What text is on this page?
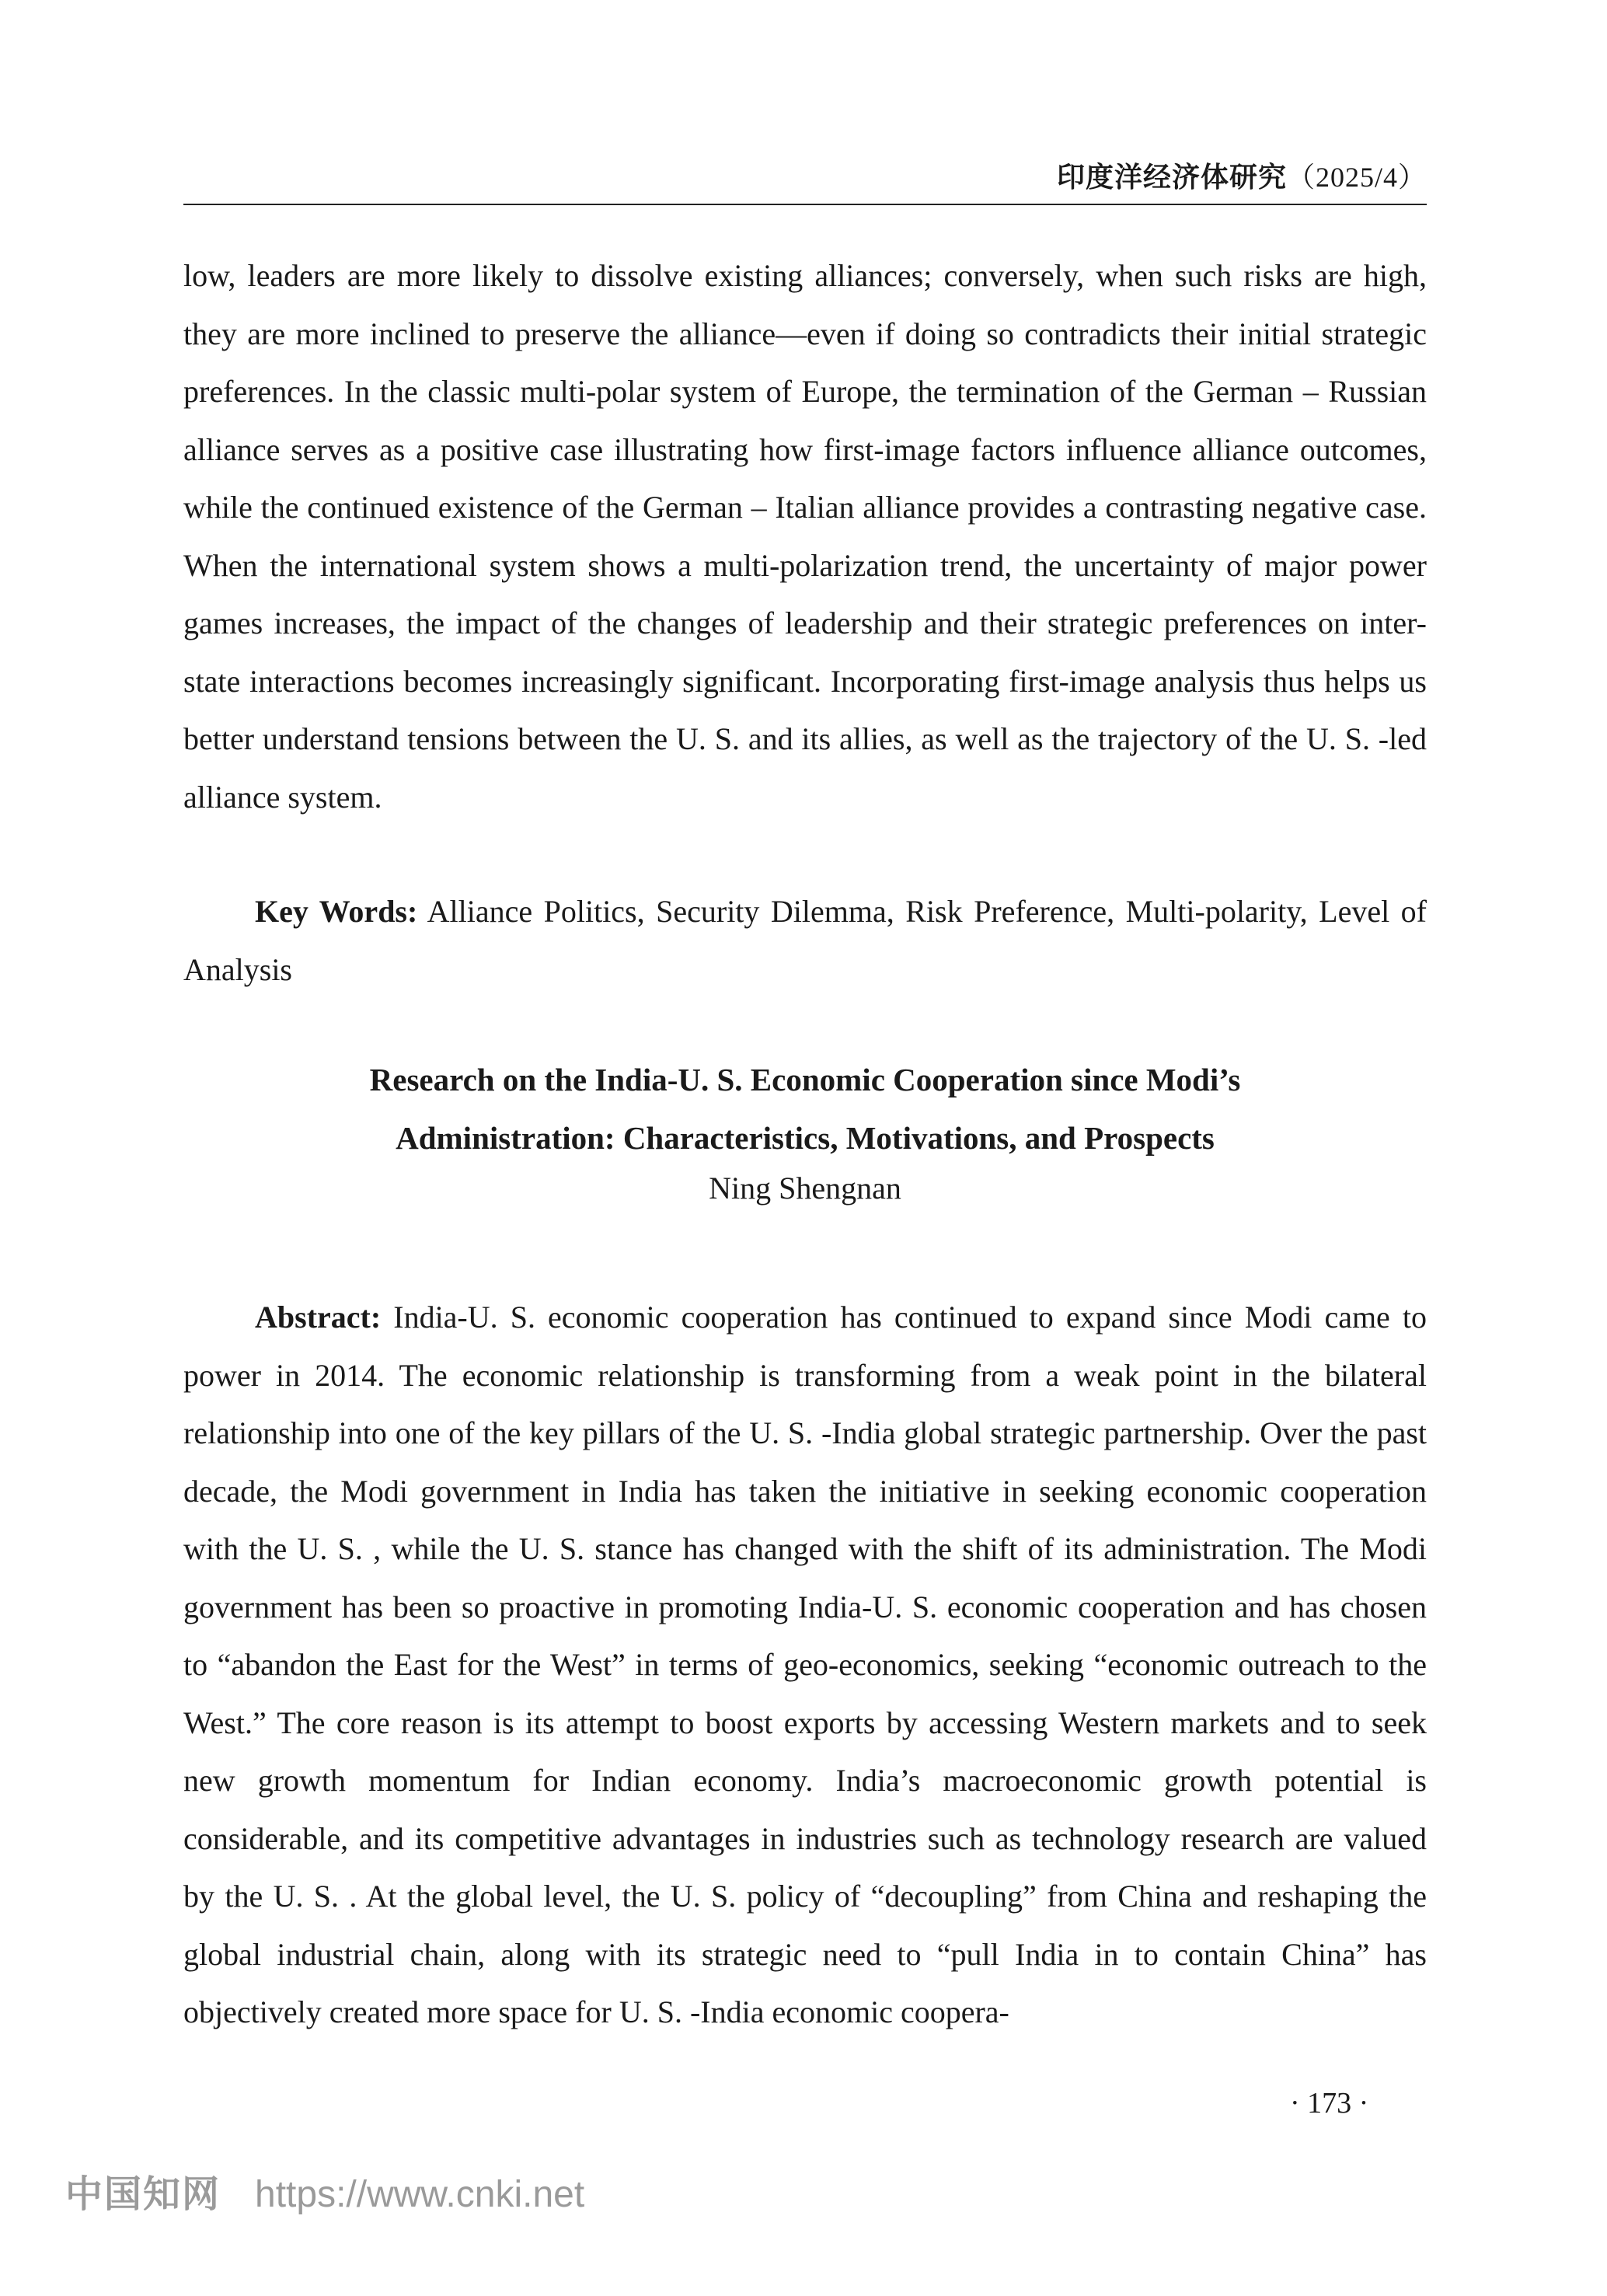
印度洋经济体研究（2025/4）

low, leaders are more likely to dissolve existing alliances; conversely, when such risks are high, they are more inclined to preserve the alliance—even if doing so contradicts their initial strategic preferences. In the classic multi-polar system of Europe, the termination of the German – Russian alliance serves as a positive case illustrating how first-image factors influence alliance outcomes, while the continued existence of the German – Italian alliance provides a contrasting negative case. When the international system shows a multi-polarization trend, the uncertainty of major power games increases, the impact of the changes of leadership and their strategic preferences on inter-state interactions becomes increasingly significant. Incorporating first-image analysis thus helps us better understand tensions between the U. S. and its allies, as well as the trajectory of the U. S. -led alliance system.

Key Words: Alliance Politics, Security Dilemma, Risk Preference, Multi-polarity, Level of Analysis

Research on the India-U. S. Economic Cooperation since Modi’s
Administration: Characteristics, Motivations, and Prospects

Ning Shengnan

Abstract: India-U. S. economic cooperation has continued to expand since Modi came to power in 2014. The economic relationship is transforming from a weak point in the bilateral relationship into one of the key pillars of the U. S. -India global strategic partnership. Over the past decade, the Modi government in India has taken the initiative in seeking economic cooperation with the U. S. , while the U. S. stance has changed with the shift of its administration. The Modi government has been so proactive in promoting India-U. S. economic cooperation and has chosen to “abandon the East for the West” in terms of geo-economics, seeking “economic outreach to the West.” The core reason is its attempt to boost exports by accessing Western markets and to seek new growth momentum for Indian economy. India’s macroeconomic growth potential is considerable, and its competitive advantages in industries such as technology research are valued by the U. S. . At the global level, the U. S. policy of “decoupling” from China and reshaping the global industrial chain, along with its strategic need to “pull India in to contain China” has objectively created more space for U. S. -India economic coopera-

· 173 ·
中国知网 https://www.cnki.net
